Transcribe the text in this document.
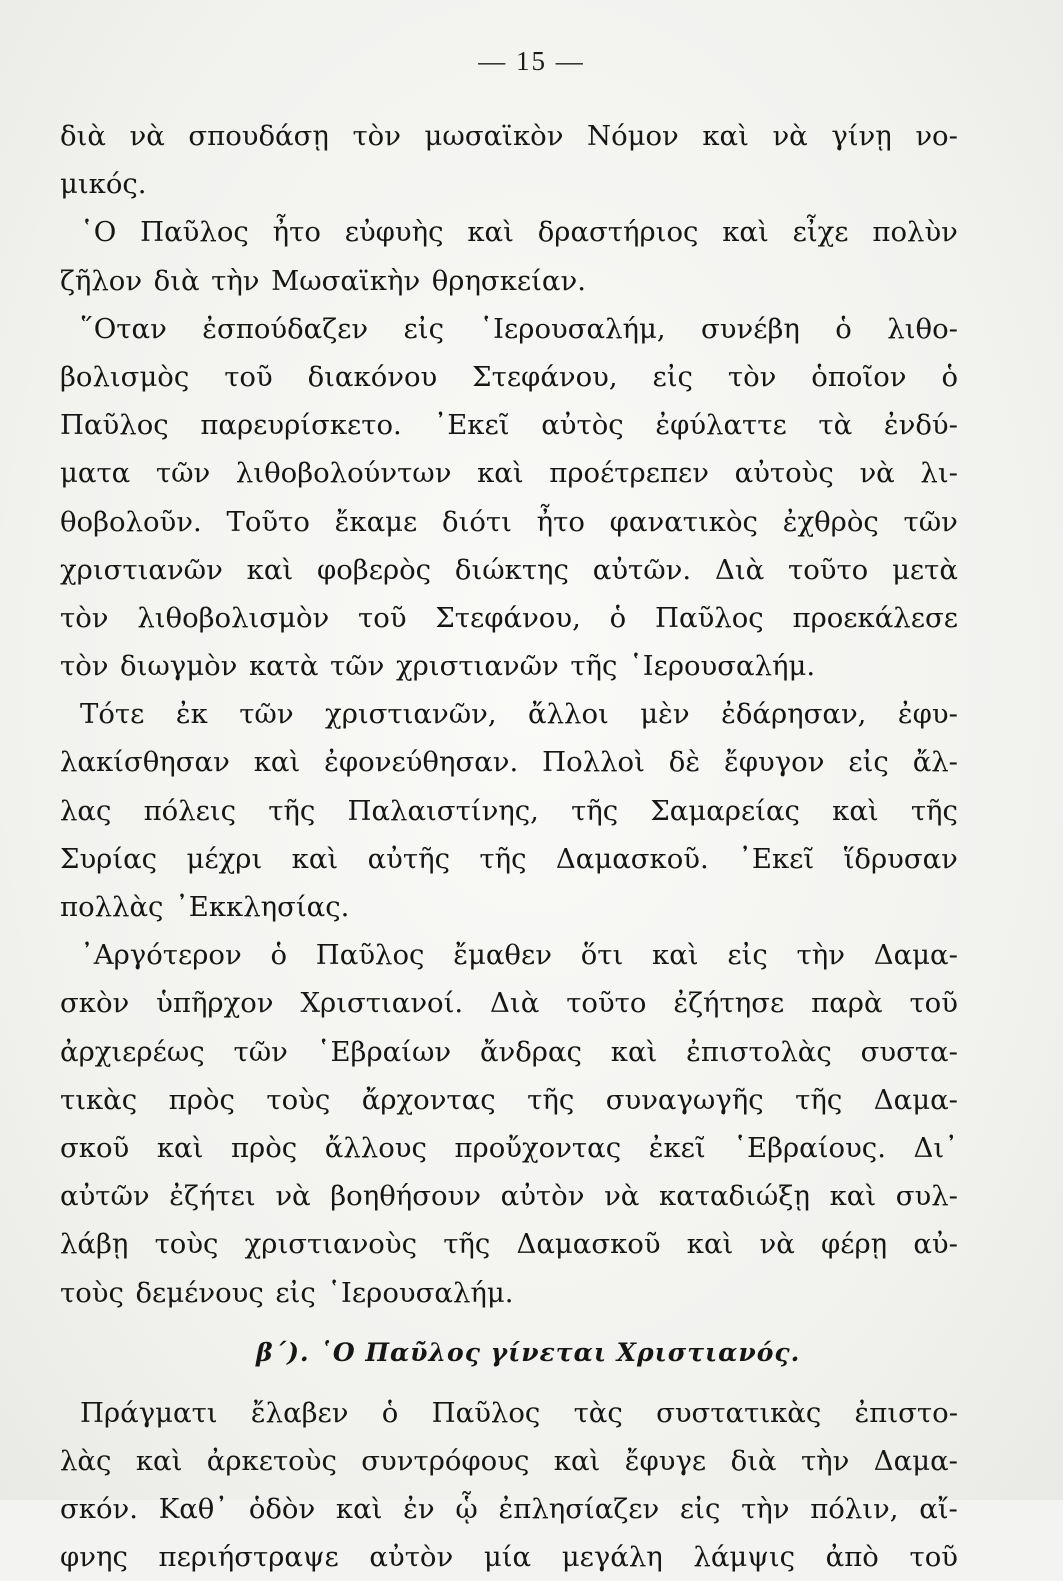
— 15 —
διὰ νὰ σπουδάσῃ τὸν μωσαϊκὸν Νόμον καὶ νὰ γίνῃ νο-
μικός.
῾Ο Παῦλος ἦτο εὐφυὴς καὶ δραστήριος καὶ εἶχε πολὺν
ζῆλον διὰ τὴν Μωσαϊκὴν θρησκείαν.
῞Οταν ἐσπούδαζεν εἰς ῾Ιερουσαλήμ, συνέβη ὁ λιθο-
βολισμὸς τοῦ διακόνου Στεφάνου, εἰς τὸν ὁποῖον ὁ
Παῦλος παρευρίσκετο. ᾿Εκεῖ αὐτὸς ἐφύλαττε τὰ ἐνδύ-
ματα τῶν λιθοβολούντων καὶ προέτρεπεν αὐτοὺς νὰ λι-
θοβολοῦν. Τοῦτο ἔκαμε διότι ἦτο φανατικὸς ἐχθρὸς τῶν
χριστιανῶν καὶ φοβερὸς διώκτης αὐτῶν. Διὰ τοῦτο μετὰ
τὸν λιθοβολισμὸν τοῦ Στεφάνου, ὁ Παῦλος προεκάλεσε
τὸν διωγμὸν κατὰ τῶν χριστιανῶν τῆς ῾Ιερουσαλήμ.
Τότε ἐκ τῶν χριστιανῶν, ἄλλοι μὲν ἐδάρησαν, ἐφυ-
λακίσθησαν καὶ ἐφονεύθησαν. Πολλοὶ δὲ ἔφυγον εἰς ἄλ-
λας πόλεις τῆς Παλαιστίνης, τῆς Σαμαρείας καὶ τῆς
Συρίας μέχρι καὶ αὐτῆς τῆς Δαμασκοῦ. ᾿Εκεῖ ἵδρυσαν
πολλὰς ᾿Εκκλησίας.
᾿Αργότερον ὁ Παῦλος ἔμαθεν ὅτι καὶ εἰς τὴν Δαμα-
σκὸν ὑπῆρχον Χριστιανοί. Διὰ τοῦτο ἐζήτησε παρὰ τοῦ
ἀρχιερέως τῶν ῾Εβραίων ἄνδρας καὶ ἐπιστολὰς συστα-
τικὰς πρὸς τοὺς ἄρχοντας τῆς συναγωγῆς τῆς Δαμα-
σκοῦ καὶ πρὸς ἄλλους προὔχοντας ἐκεῖ ῾Εβραίους. Δι᾿
αὐτῶν ἐζήτει νὰ βοηθήσουν αὐτὸν νὰ καταδιώξῃ καὶ συλ-
λάβῃ τοὺς χριστιανοὺς τῆς Δαμασκοῦ καὶ νὰ φέρῃ αὐ-
τοὺς δεμένους εἰς ῾Ιερουσαλήμ.
β΄). ῾Ο Παῦλος γίνεται Χριστιανός.
Πράγματι ἔλαβεν ὁ Παῦλος τὰς συστατικὰς ἐπιστο-
λὰς καὶ ἀρκετοὺς συντρόφους καὶ ἔφυγε διὰ τὴν Δαμα-
σκόν. Καθ᾿ ὁδὸν καὶ ἐν ᾧ ἐπλησίαζεν εἰς τὴν πόλιν, αἴ-
φνης περιήστραψε αὐτὸν μία μεγάλη λάμψις ἀπὸ τοῦ
